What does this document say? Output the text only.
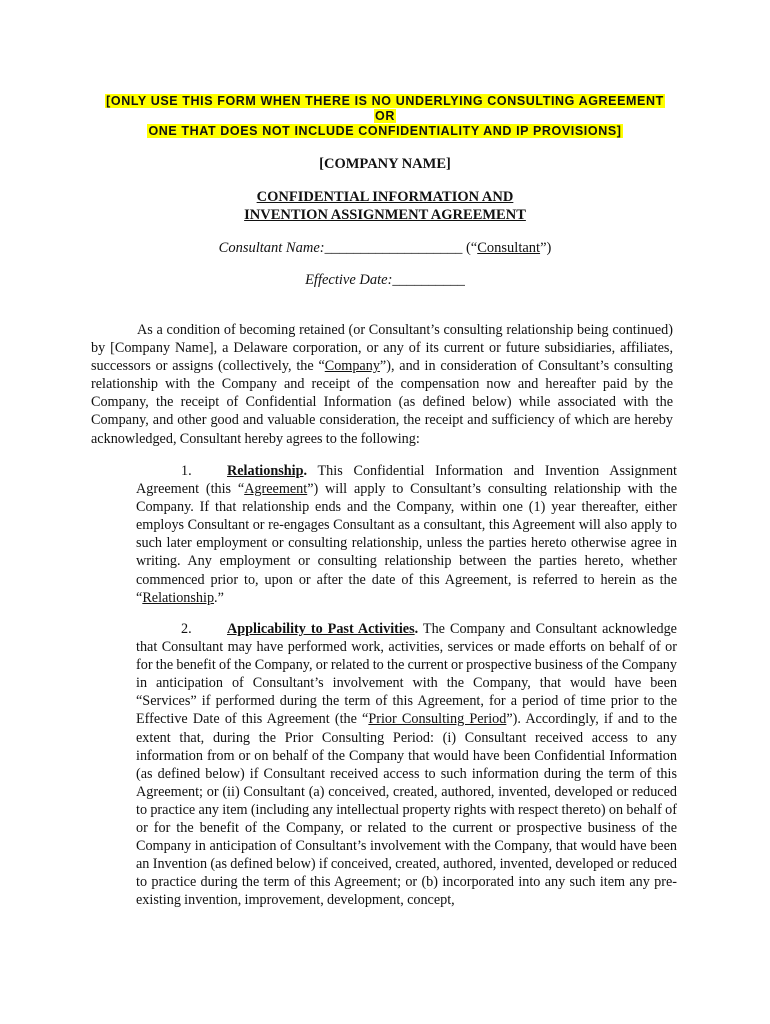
[ONLY USE THIS FORM WHEN THERE IS NO UNDERLYING CONSULTING AGREEMENT
OR
ONE THAT DOES NOT INCLUDE CONFIDENTIALITY AND IP PROVISIONS]
[COMPANY NAME]
CONFIDENTIAL INFORMATION AND
INVENTION ASSIGNMENT AGREEMENT
Consultant Name:___________________ (“Consultant”)
Effective Date:__________
As a condition of becoming retained (or Consultant’s consulting relationship being continued) by [Company Name], a Delaware corporation, or any of its current or future subsidiaries, affiliates, successors or assigns (collectively, the “Company”), and in consideration of Consultant’s consulting relationship with the Company and receipt of the compensation now and hereafter paid by the Company, the receipt of Confidential Information (as defined below) while associated with the Company, and other good and valuable consideration, the receipt and sufficiency of which are hereby acknowledged, Consultant hereby agrees to the following:
1. Relationship. This Confidential Information and Invention Assignment Agreement (this “Agreement”) will apply to Consultant’s consulting relationship with the Company. If that relationship ends and the Company, within one (1) year thereafter, either employs Consultant or re-engages Consultant as a consultant, this Agreement will also apply to such later employment or consulting relationship, unless the parties hereto otherwise agree in writing. Any employment or consulting relationship between the parties hereto, whether commenced prior to, upon or after the date of this Agreement, is referred to herein as the “Relationship.”
2. Applicability to Past Activities. The Company and Consultant acknowledge that Consultant may have performed work, activities, services or made efforts on behalf of or for the benefit of the Company, or related to the current or prospective business of the Company in anticipation of Consultant’s involvement with the Company, that would have been “Services” if performed during the term of this Agreement, for a period of time prior to the Effective Date of this Agreement (the “Prior Consulting Period”). Accordingly, if and to the extent that, during the Prior Consulting Period: (i) Consultant received access to any information from or on behalf of the Company that would have been Confidential Information (as defined below) if Consultant received access to such information during the term of this Agreement; or (ii) Consultant (a) conceived, created, authored, invented, developed or reduced to practice any item (including any intellectual property rights with respect thereto) on behalf of or for the benefit of the Company, or related to the current or prospective business of the Company in anticipation of Consultant’s involvement with the Company, that would have been an Invention (as defined below) if conceived, created, authored, invented, developed or reduced to practice during the term of this Agreement; or (b) incorporated into any such item any pre-existing invention, improvement, development, concept,
